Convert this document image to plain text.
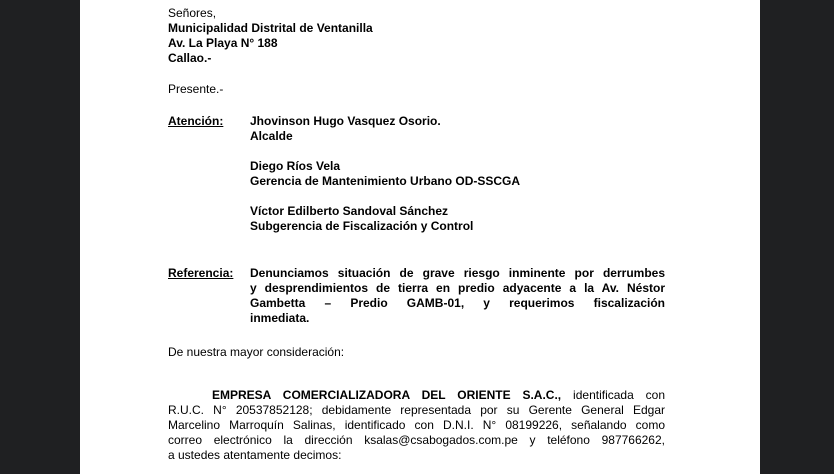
Señores,
Municipalidad Distrital de Ventanilla
Av. La Playa N° 188
Callao.-
Presente.-
Atención:	Jhovinson Hugo Vasquez Osorio.
Alcalde
Diego Ríos Vela
Gerencia de Mantenimiento Urbano OD-SSCGA
Víctor Edilberto Sandoval Sánchez
Subgerencia de Fiscalización y Control
Referencia:	Denunciamos situación de grave riesgo inminente por derrumbes
y desprendimientos de tierra en predio adyacente a la Av. Néstor
Gambetta – Predio GAMB-01, y requerimos fiscalización
inmediata.
De nuestra mayor consideración:
EMPRESA COMERCIALIZADORA DEL ORIENTE S.A.C., identificada con
R.U.C. N° 20537852128; debidamente representada por su Gerente General Edgar
Marcelino Marroquín Salinas, identificado con D.N.I. N° 08199226, señalando como
correo electrónico la dirección ksalas@csabogados.com.pe y teléfono 987766262,
a ustedes atentamente decimos:
